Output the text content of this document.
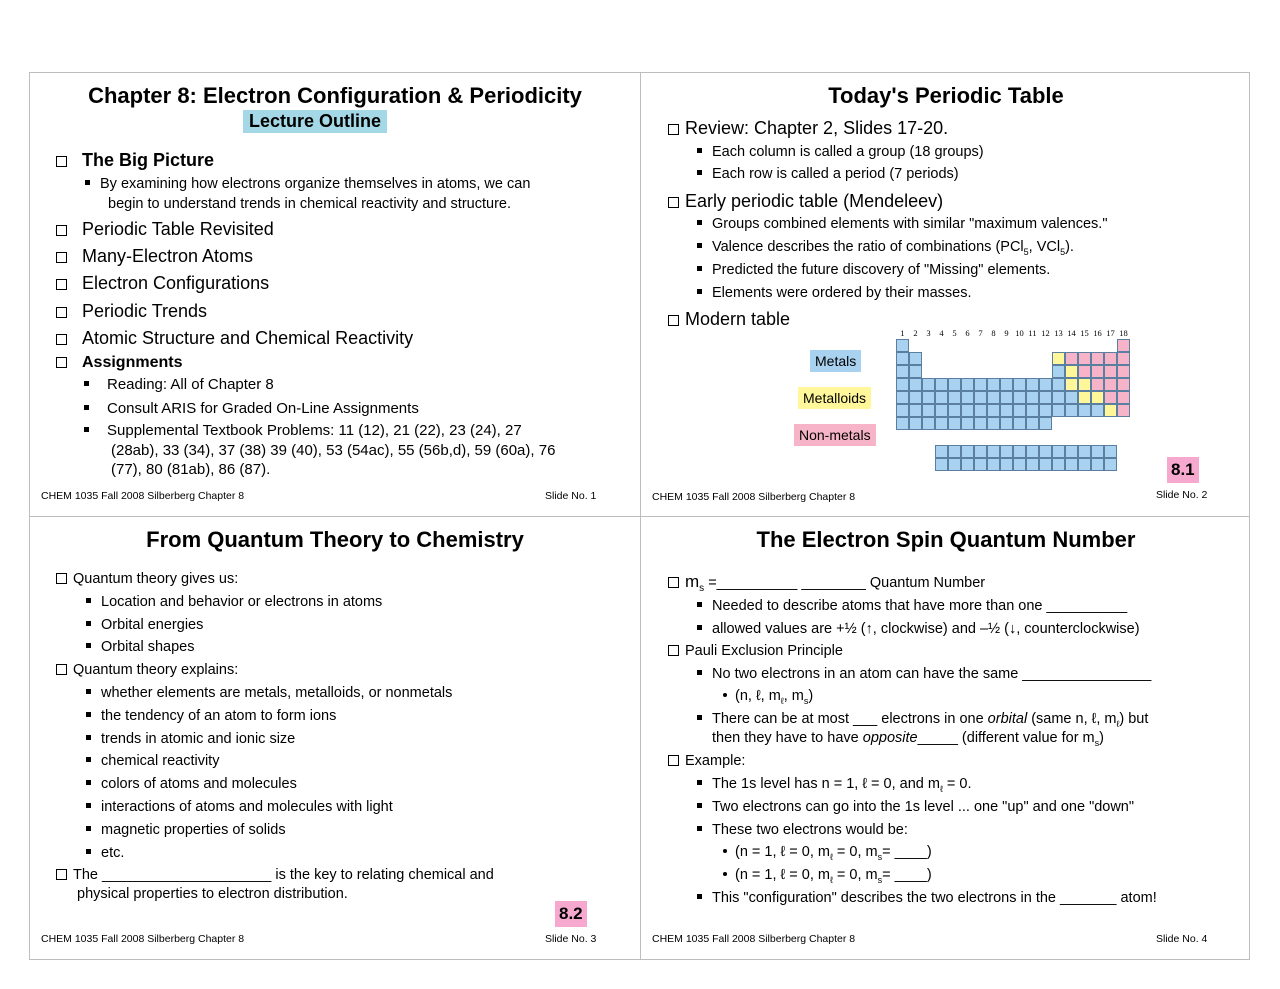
Chapter 8: Electron Configuration & Periodicity
Lecture Outline
The Big Picture
By examining how electrons organize themselves in atoms, we can
begin to understand trends in chemical reactivity and structure.
Periodic Table Revisited
Many-Electron Atoms
Electron Configurations
Periodic Trends
Atomic Structure and Chemical Reactivity
Assignments
Reading: All of Chapter 8
Consult ARIS for Graded On-Line Assignments
Supplemental Textbook Problems: 11 (12), 21 (22), 23 (24), 27
(28ab), 33 (34), 37 (38) 39 (40), 53 (54ac), 55 (56b,d), 59 (60a), 76
(77), 80 (81ab), 86 (87).
CHEM 1035 Fall 2008 Silberberg Chapter 8	Slide No. 1
Today's Periodic Table
Review: Chapter 2, Slides 17-20.
Each column is called a group (18 groups)
Each row is called a period (7 periods)
Early periodic table (Mendeleev)
Groups combined elements with similar "maximum valences."
Valence describes the ratio of combinations (PCl$_5$, VCl$_5$).
Predicted the future discovery of "Missing" elements.
Elements were ordered by their masses.
Modern table
Metals
Metalloids
Non-metals
1	2	3	4	5	6	7	8	9 10 11 12 13 14 15 16 17 18
8.1
CHEM 1035 Fall 2008 Silberberg Chapter 8	Slide No. 2
From Quantum Theory to Chemistry
Quantum theory gives us:
Location and behavior or electrons in atoms
Orbital energies
Orbital shapes
Quantum theory explains:
whether elements are metals, metalloids, or nonmetals
the tendency of an atom to form ions
trends in atomic and ionic size
chemical reactivity
colors of atoms and molecules
interactions of atoms and molecules with light
magnetic properties of solids
etc.
The _____________________ is the key to relating chemical and
physical properties to electron distribution.
8.2
CHEM 1035 Fall 2008 Silberberg Chapter 8	Slide No. 3
The Electron Spin Quantum Number
$m_s$ =__________ ________ Quantum Number
Needed to describe atoms that have more than one __________
allowed values are +½ (↑, clockwise) and –½ (↓, counterclockwise)
Pauli Exclusion Principle
No two electrons in an atom can have the same ________________
(n, ℓ, $m_\ell$, $m_s$)
There can be at most ___ electrons in one orbital (same n, ℓ, $m_\ell$) but
then they have to have opposite_____ (different value for $m_s$)
Example:
The 1s level has n = 1, ℓ = 0, and $m_\ell = 0$.
Two electrons can go into the 1s level ... one "up" and one "down"
These two electrons would be:
(n = 1, ℓ = 0, $m_\ell = 0$, $m_s=$ ____)
(n = 1, ℓ = 0, $m_\ell = 0$, $m_s=$ ____)
This "configuration" describes the two electrons in the _______ atom!
CHEM 1035 Fall 2008 Silberberg Chapter 8	Slide No. 4
